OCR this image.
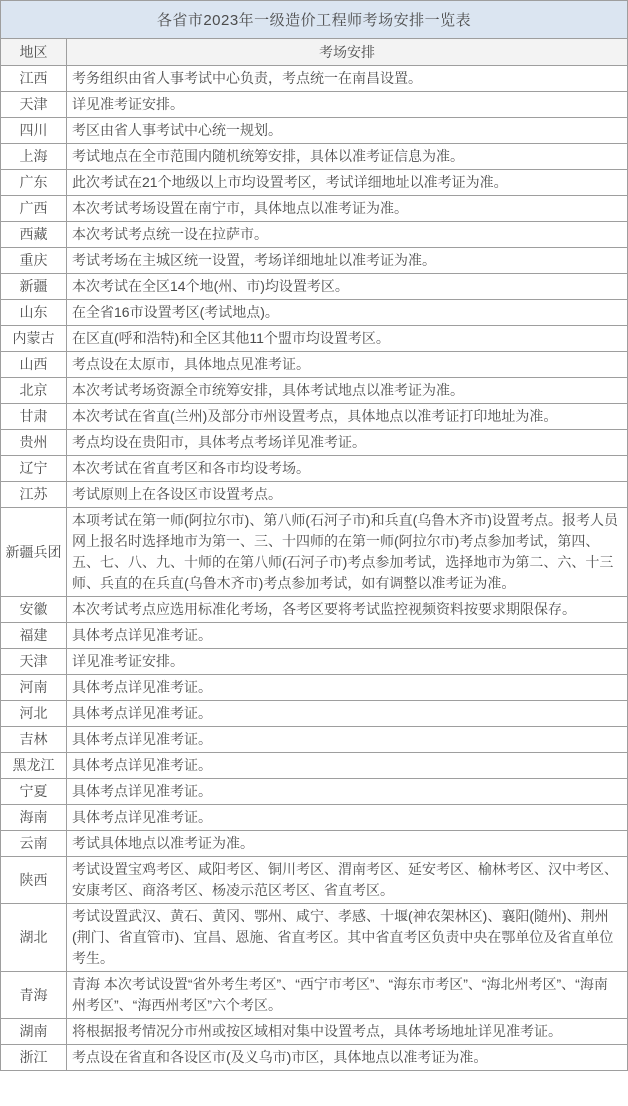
各省市2023年一级造价工程师考场安排一览表	
地区	考场安排
江西	考务组织由省人事考试中心负责，考点统一在南昌设置。
天津	详见准考证安排。
四川	考区由省人事考试中心统一规划。
上海	考试地点在全市范围内随机统筹安排，具体以准考证信息为准。
广东	此次考试在21个地级以上市均设置考区，考试详细地址以准考证为准。
广西	本次考试考场设置在南宁市，具体地点以准考证为准。
西藏	本次考试考点统一设在拉萨市。
重庆	考试考场在主城区统一设置，考场详细地址以准考证为准。
新疆	本次考试在全区14个地(州、市)均设置考区。
山东	在全省16市设置考区(考试地点)。
内蒙古	在区直(呼和浩特)和全区其他11个盟市均设置考区。
山西	考点设在太原市，具体地点见准考证。
北京	本次考试考场资源全市统筹安排，具体考试地点以准考证为准。
甘肃	本次考试在省直(兰州)及部分市州设置考点，具体地点以准考证打印地址为准。
贵州	考点均设在贵阳市，具体考点考场详见准考证。
辽宁	本次考试在省直考区和各市均设考场。
江苏	考试原则上在各设区市设置考点。
新疆兵团	本项考试在第一师(阿拉尔市)、第八师(石河子市)和兵直(乌鲁木齐市)设置考点。报考人员网上报名时选择地市为第一、三、十四师的在第一师(阿拉尔市)考点参加考试，第四、五、七、八、九、十师的在第八师(石河子市)考点参加考试，选择地市为第二、六、十三师、兵直的在兵直(乌鲁木齐市)考点参加考试，如有调整以准考证为准。
安徽	本次考试考点应选用标准化考场，各考区要将考试监控视频资料按要求期限保存。
福建	具体考点详见准考证。
天津	详见准考证安排。
河南	具体考点详见准考证。
河北	具体考点详见准考证。
吉林	具体考点详见准考证。
黑龙江	具体考点详见准考证。
宁夏	具体考点详见准考证。
海南	具体考点详见准考证。
云南	考试具体地点以准考证为准。
陕西	考试设置宝鸡考区、咸阳考区、铜川考区、渭南考区、延安考区、榆林考区、汉中考区、安康考区、商洛考区、杨凌示范区考区、省直考区。
湖北	考试设置武汉、黄石、黄冈、鄂州、咸宁、孝感、十堰(神农架林区)、襄阳(随州)、荆州(荆门、省直管市)、宜昌、恩施、省直考区。其中省直考区负责中央在鄂单位及省直单位考生。
青海	青海 本次考试设置“省外考生考区”、“西宁市考区”、“海东市考区”、“海北州考区”、“海南州考区”、“海西州考区”六个考区。
湖南	将根据报考情况分市州或按区域相对集中设置考点，具体考场地址详见准考证。
浙江	考点设在省直和各设区市(及义乌市)市区，具体地点以准考证为准。
